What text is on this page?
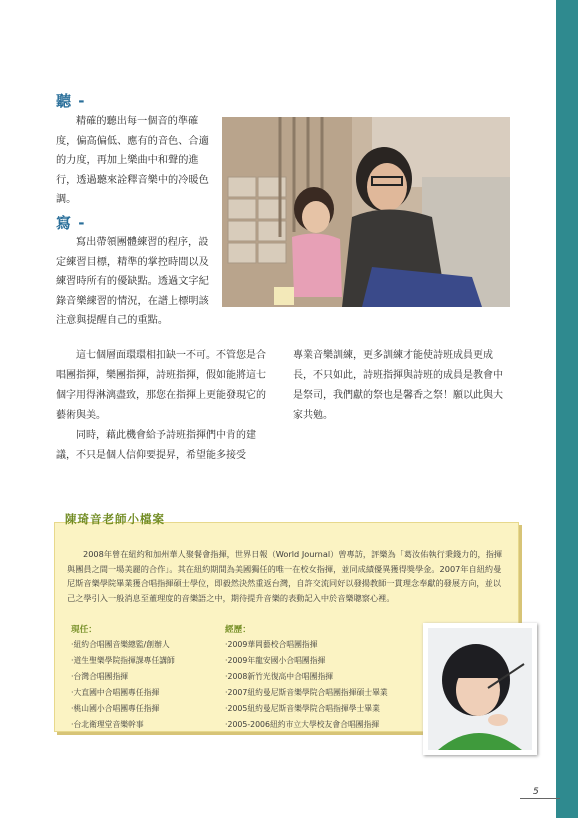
聽 -

精確的聽出每一個音的準確度，偏高偏低、應有的音色、合適的力度，再加上樂曲中和聲的進行，透過聽來詮釋音樂中的冷暖色調。

寫 -

寫出帶領團體練習的程序，設定練習目標，精準的掌控時間以及練習時所有的優缺點。透過文字紀錄音樂練習的情況，在譜上標明該注意與提醒自己的重點。

這七個層面環環相扣缺一不可。不管您是合唱團指揮，樂團指揮，詩班指揮，假如能將這七個字用得淋漓盡致，那您在指揮上更能發現它的藝術與美。

同時，藉此機會給予詩班指揮們中肯的建議，不只是個人信仰要提昇，希望能多接受

專業音樂訓練，更多訓練才能使詩班成員更成長，不只如此，詩班指揮與詩班的成員是教會中是祭司，我們獻的祭也是馨香之祭！願以此與大家共勉。

陳琦音老師小檔案

2008年曾在紐約和加州華人聚餐會指揮，世界日報（World Journal）曾專訪，評樂為「葛汝佑執行秉錢力的，指揮與團員之間一場美麗的合作」。其在紐約期間為美國獨任的唯一在校女指揮，並同成績優異獲得獎學金。2007年自紐約曼尼斯音樂學院畢業獲合唱指揮碩士學位，即毅然決然重返台灣，自許交流同好以發揚教師一貫理念奉獻的發展方向，並以己之學引入一般消息至董理度的音樂語之中，期待提升音樂的表動記入中於音樂聰察心裡。

現任：
‧紐約合唱團音樂總監/創辦人
‧道生聖樂學院指揮課專任講師
‧台灣合唱團指揮
‧大直國中合唱團專任指揮
‧桃山國小合唱團專任指揮
‧台北衛理堂音樂幹事
經歷：
‧2009華岡藝校合唱團指揮
‧2009年龍安國小合唱團指揮
‧2008新竹光復高中合唱團指揮
‧2007紐約曼尼斯音樂學院合唱團指揮碩士畢業
‧2005紐約曼尼斯音樂學院合唱指揮學士畢業
‧2005-2006紐約市立大學校友會合唱團指揮
5
